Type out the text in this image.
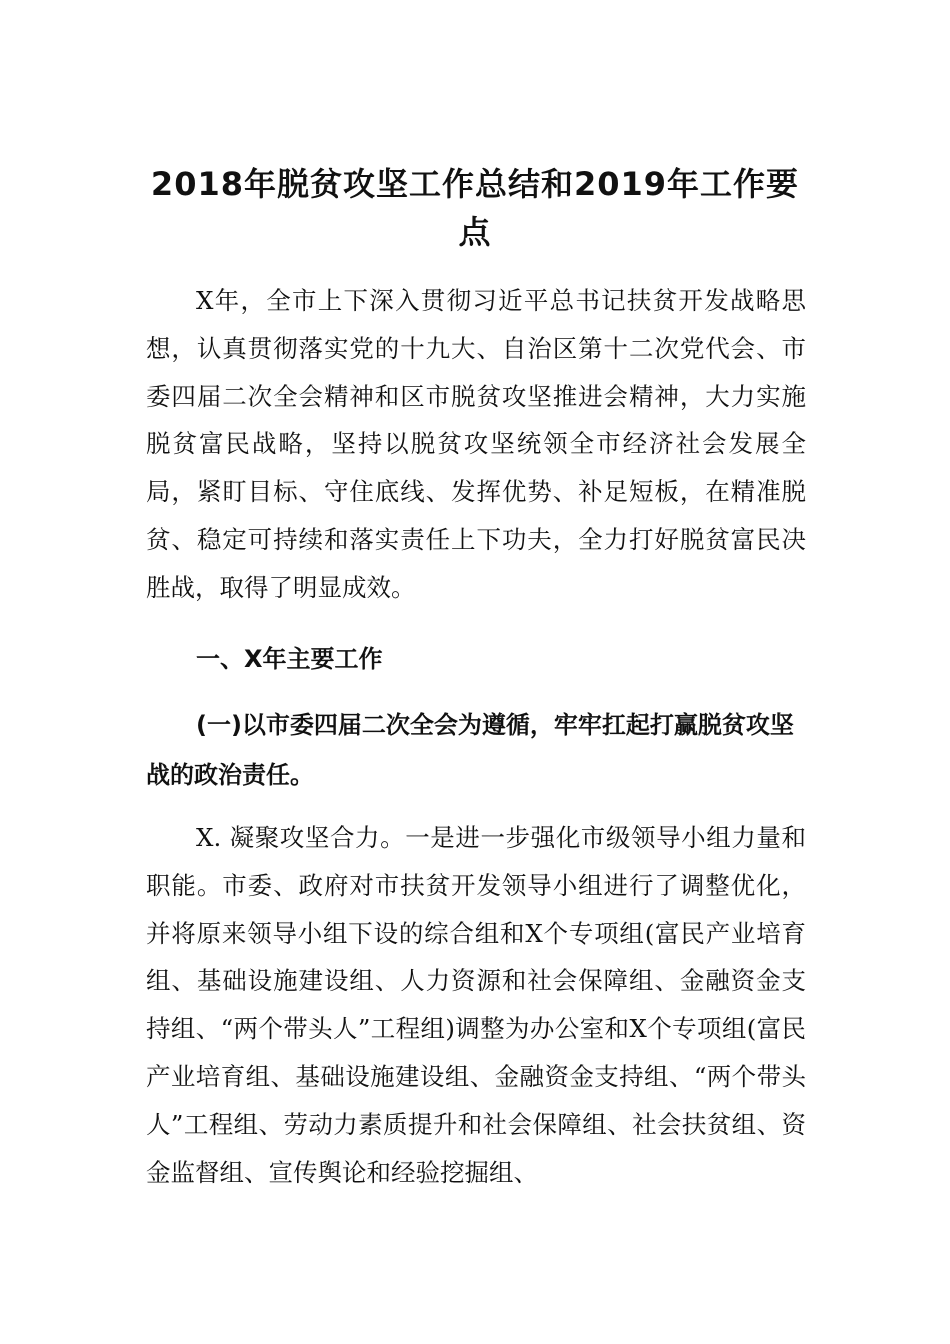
2018年脱贫攻坚工作总结和2019年工作要点

X年，全市上下深入贯彻习近平总书记扶贫开发战略思想，认真贯彻落实党的十九大、自治区第十二次党代会、市委四届二次全会精神和区市脱贫攻坚推进会精神，大力实施脱贫富民战略，坚持以脱贫攻坚统领全市经济社会发展全局，紧盯目标、守住底线、发挥优势、补足短板，在精准脱贫、稳定可持续和落实责任上下功夫，全力打好脱贫富民决胜战，取得了明显成效。

一、X年主要工作

(一)以市委四届二次全会为遵循，牢牢扛起打赢脱贫攻坚战的政治责任。

X. 凝聚攻坚合力。一是进一步强化市级领导小组力量和职能。市委、政府对市扶贫开发领导小组进行了调整优化，并将原来领导小组下设的综合组和X个专项组(富民产业培育组、基础设施建设组、人力资源和社会保障组、金融资金支持组、“两个带头人”工程组)调整为办公室和X个专项组(富民产业培育组、基础设施建设组、金融资金支持组、“两个带头人”工程组、劳动力素质提升和社会保障组、社会扶贫组、资金监督组、宣传舆论和经验挖掘组、
